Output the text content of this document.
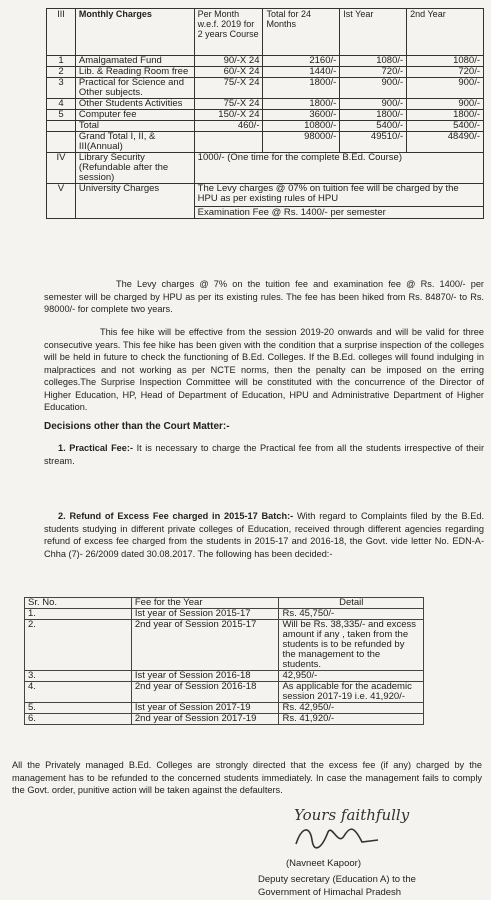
III	Monthly Charges	Per Month w.e.f. 2019 for 2 years Course	Total for 24 Months	Ist Year	2nd Year
1	Amalgamated Fund	90/-X 24	2160/-	1080/-	1080/-
2	Lib. & Reading Room free	60/-X 24	1440/-	720/-	720/-
3	Practical for Science and Other subjects.	75/-X 24	1800/-	900/-	900/-
4	Other Students Activities	75/-X 24	1800/-	900/-	900/-
5	Computer fee	150/-X 24	3600/-	1800/-	1800/-
	Total	460/-	10800/-	5400/-	5400/-
	Grand Total I, II, & III(Annual)		98000/-	49510/-	48490/-
IV	Library Security (Refundable after the session)	1000/- (One time for the complete B.Ed. Course)			
V	University Charges	The Levy charges @ 07% on tuition fee will be charged by the HPU as per existing rules of HPU
Examination Fee @ Rs. 1400/- per semester			

The Levy charges @ 7% on the tuition fee and examination fee @ Rs. 1400/- per semester will be charged by HPU as per its existing rules. The fee has been hiked from Rs. 84870/- to Rs. 98000/- for complete two years.

This fee hike will be effective from the session 2019-20 onwards and will be valid for three consecutive years. This fee hike has been given with the condition that a surprise inspection of the colleges will be held in future to check the functioning of B.Ed. Colleges. If the B.Ed. colleges will found indulging in malpractices and not working as per NCTE norms, then the penalty can be imposed on the erring colleges.The Surprise Inspection Committee will be constituted with the concurrence of the Director of Higher Education, HP, Head of Department of Education, HPU and Administrative Department of Higher Education.

Decisions other than the Court Matter:-

1. Practical Fee:- It is necessary to charge the Practical fee from all the students irrespective of their stream.

2. Refund of Excess Fee charged in 2015-17 Batch:- With regard to Complaints filed by the B.Ed. students studying in different private colleges of Education, received through different agencies regarding refund of excess fee charged from the students in 2015-17 and 2016-18, the Govt. vide letter No. EDN-A-Chha (7)- 26/2009 dated 30.08.2017. The following has been decided:-

Sr. No.	Fee for the Year	Detail
1.	Ist year of Session 2015-17	Rs. 45,750/-
2.	2nd year of Session 2015-17	Will be Rs. 38,335/- and excess amount if any , taken from the students is to be refunded by the management to the students.
3.	Ist year of Session 2016-18	42,950/-
4.	2nd year of Session 2016-18	As applicable for the academic session 2017-19 i.e. 41,920/-
5.	Ist year of Session 2017-19	Rs. 42,950/-
6.	2nd year of Session 2017-19	Rs. 41,920/-

All the Privately managed B.Ed. Colleges are strongly directed that the excess fee (if any) charged by the management has to be refunded to the concerned students immediately. In case the management fails to comply the Govt. order, punitive action will be taken against the defaulters.

Yours faithfully
(Navneet Kapoor)
Deputy secretary (Education A) to the
Government of Himachal Pradesh
